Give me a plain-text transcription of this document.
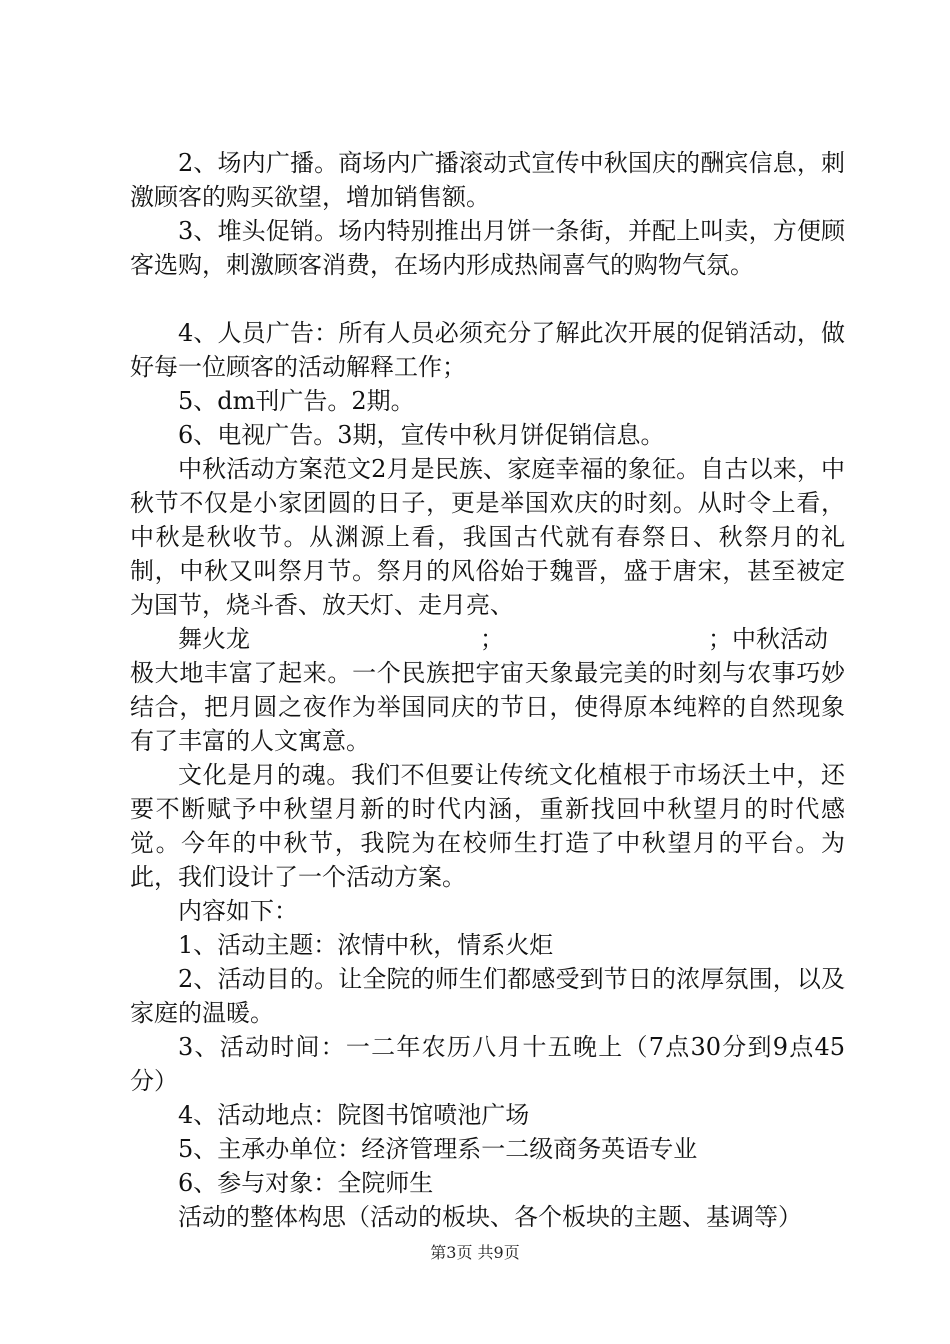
2、场内广播。商场内广播滚动式宣传中秋国庆的酬宾信息，刺激顾客的购买欲望，增加销售额。

3、堆头促销。场内特别推出月饼一条街，并配上叫卖，方便顾客选购，刺激顾客消费，在场内形成热闹喜气的购物气氛。

4、人员广告：所有人员必须充分了解此次开展的促销活动，做好每一位顾客的活动解释工作；

5、dm刊广告。2期。

6、电视广告。3期，宣传中秋月饼促销信息。

中秋活动方案范文2月是民族、家庭幸福的象征。自古以来，中秋节不仅是小家团圆的日子，更是举国欢庆的时刻。从时令上看，中秋是秋收节。从渊源上看，我国古代就有春祭日、秋祭月的礼制，中秋又叫祭月节。祭月的风俗始于魏晋，盛于唐宋，甚至被定为国节，烧斗香、放天灯、走月亮、

舞火龙	；	；中秋活动

极大地丰富了起来。一个民族把宇宙天象最完美的时刻与农事巧妙结合，把月圆之夜作为举国同庆的节日，使得原本纯粹的自然现象有了丰富的人文寓意。

文化是月的魂。我们不但要让传统文化植根于市场沃土中，还要不断赋予中秋望月新的时代内涵，重新找回中秋望月的时代感觉。今年的中秋节，我院为在校师生打造了中秋望月的平台。为此，我们设计了一个活动方案。

内容如下：

1、活动主题：浓情中秋，情系火炬

2、活动目的。让全院的师生们都感受到节日的浓厚氛围，以及家庭的温暖。

3、活动时间：一二年农历八月十五晚上（7点30分到9点45分）

4、活动地点：院图书馆喷池广场

5、主承办单位：经济管理系一二级商务英语专业

6、参与对象：全院师生

活动的整体构思（活动的板块、各个板块的主题、基调等）

第3页 共9页
